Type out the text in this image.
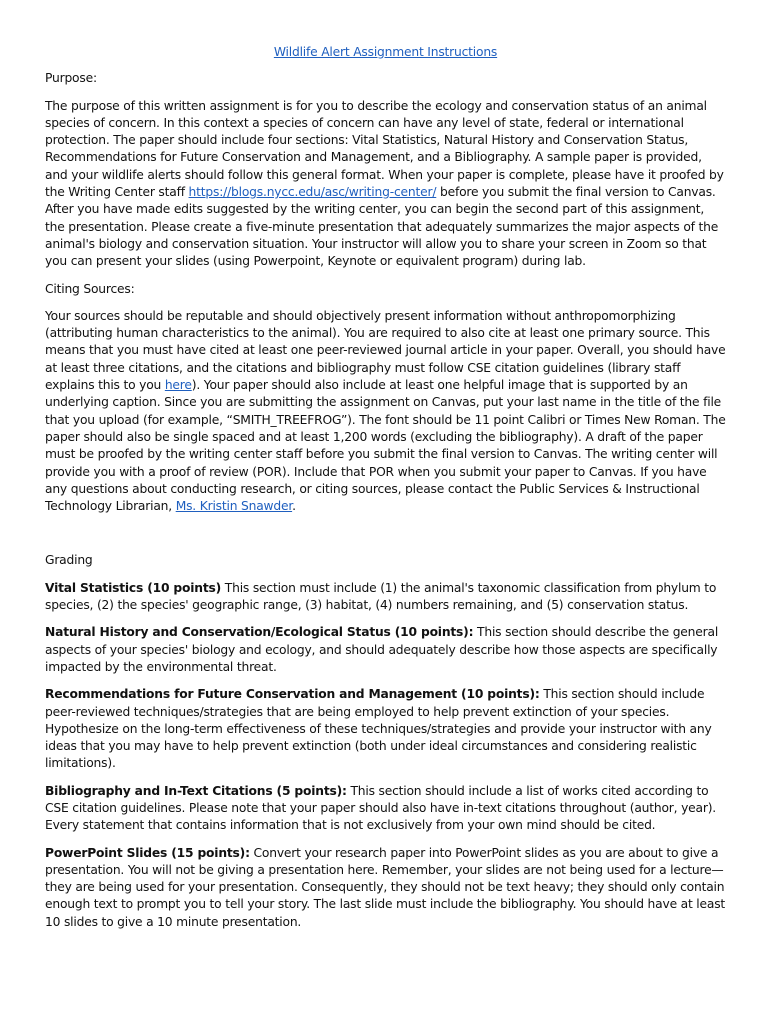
Wildlife Alert Assignment Instructions
Purpose:

The purpose of this written assignment is for you to describe the ecology and conservation status of an animal species of concern. In this context a species of concern can have any level of state, federal or international protection. The paper should include four sections: Vital Statistics, Natural History and Conservation Status, Recommendations for Future Conservation and Management, and a Bibliography. A sample paper is provided, and your wildlife alerts should follow this general format. When your paper is complete, please have it proofed by the Writing Center staff https://blogs.nycc.edu/asc/writing-center/ before you submit the final version to Canvas. After you have made edits suggested by the writing center, you can begin the second part of this assignment, the presentation. Please create a five-minute presentation that adequately summarizes the major aspects of the animal's biology and conservation situation. Your instructor will allow you to share your screen in Zoom so that you can present your slides (using Powerpoint, Keynote or equivalent program) during lab.

Citing Sources:

Your sources should be reputable and should objectively present information without anthropomorphizing (attributing human characteristics to the animal). You are required to also cite at least one primary source. This means that you must have cited at least one peer-reviewed journal article in your paper. Overall, you should have at least three citations, and the citations and bibliography must follow CSE citation guidelines (library staff explains this to you here). Your paper should also include at least one helpful image that is supported by an underlying caption. Since you are submitting the assignment on Canvas, put your last name in the title of the file that you upload (for example, “SMITH_TREEFROG”). The font should be 11 point Calibri or Times New Roman. The paper should also be single spaced and at least 1,200 words (excluding the bibliography). A draft of the paper must be proofed by the writing center staff before you submit the final version to Canvas. The writing center will provide you with a proof of review (POR). Include that POR when you submit your paper to Canvas. If you have any questions about conducting research, or citing sources, please contact the Public Services & Instructional Technology Librarian, Ms. Kristin Snawder.

Grading

Vital Statistics (10 points) This section must include (1) the animal's taxonomic classification from phylum to species, (2) the species' geographic range, (3) habitat, (4) numbers remaining, and (5) conservation status.

Natural History and Conservation/Ecological Status (10 points): This section should describe the general aspects of your species' biology and ecology, and should adequately describe how those aspects are specifically impacted by the environmental threat.

Recommendations for Future Conservation and Management (10 points): This section should include peer-reviewed techniques/strategies that are being employed to help prevent extinction of your species. Hypothesize on the long-term effectiveness of these techniques/strategies and provide your instructor with any ideas that you may have to help prevent extinction (both under ideal circumstances and considering realistic limitations).

Bibliography and In-Text Citations (5 points): This section should include a list of works cited according to CSE citation guidelines. Please note that your paper should also have in-text citations throughout (author, year). Every statement that contains information that is not exclusively from your own mind should be cited.

PowerPoint Slides (15 points): Convert your research paper into PowerPoint slides as you are about to give a presentation. You will not be giving a presentation here. Remember, your slides are not being used for a lecture—they are being used for your presentation. Consequently, they should not be text heavy; they should only contain enough text to prompt you to tell your story. The last slide must include the bibliography. You should have at least 10 slides to give a 10 minute presentation.
